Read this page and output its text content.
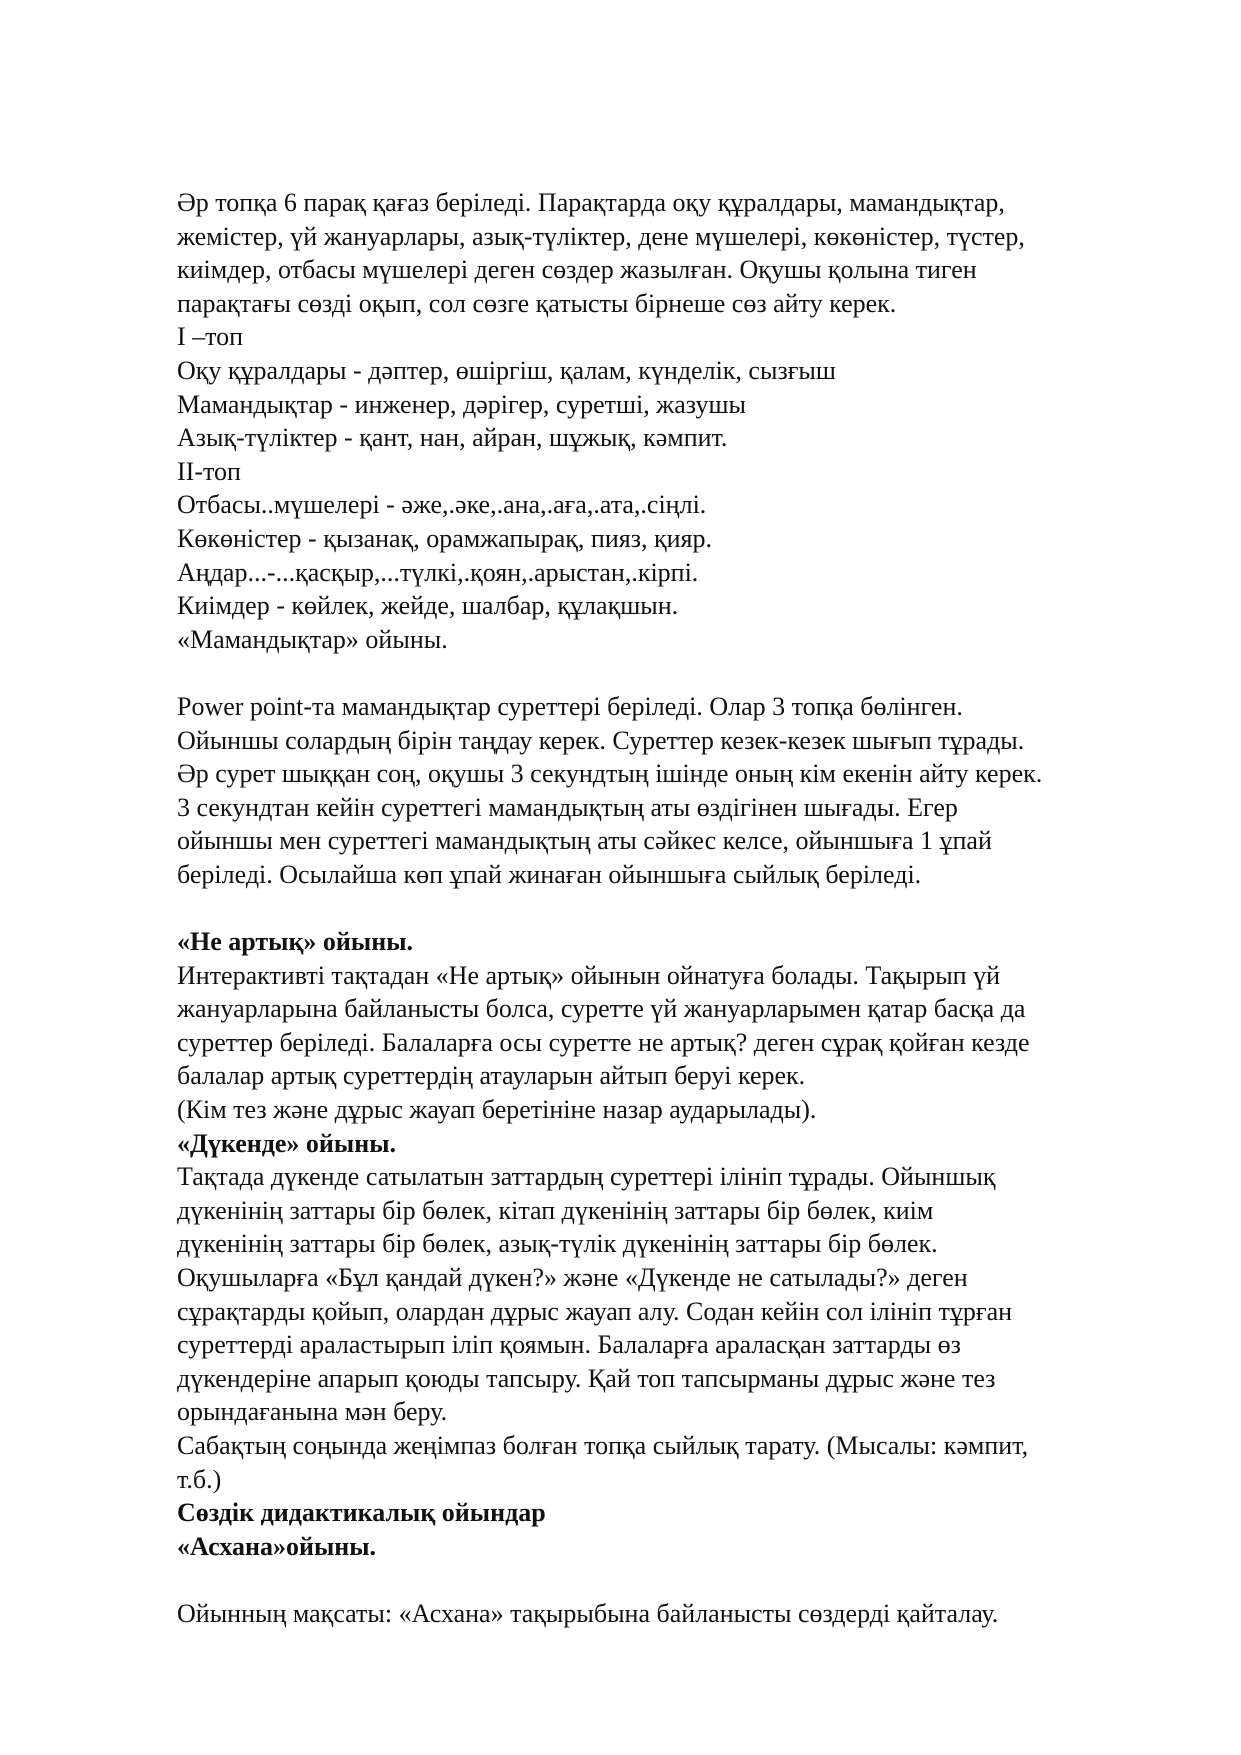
Әр топқа 6 парақ қағаз беріледі. Парақтарда оқу құралдары, мамандықтар,
жемістер, үй жануарлары, азық-түліктер, дене мүшелері, көкөністер, түстер,
киімдер, отбасы мүшелері деген сөздер жазылған. Оқушы қолына тиген
парақтағы сөзді оқып, сол сөзге қатысты бірнеше сөз айту керек.
I –топ
Оқу құралдары - дәптер, өшіргіш, қалам, күнделік, сызғыш
Мамандықтар - инженер, дәрігер, суретші, жазушы
Азық-түліктер - қант, нан, айран, шұжық, кәмпит.
II-топ
Отбасы..мүшелері - әже,.әке,.ана,.аға,.ата,.сіңлі.
Көкөністер - қызанақ, орамжапырақ, пияз, қияр.
Аңдар...-...қасқыр,...түлкі,.қоян,.арыстан,.кірпі.
Киімдер - көйлек, жейде, шалбар, құлақшын.
«Мамандықтар» ойыны.
Power point-та мамандықтар суреттері беріледі. Олар 3 топқа бөлінген.
Ойыншы солардың бірін таңдау керек. Суреттер кезек-кезек шығып тұрады.
Әр сурет шыққан соң, оқушы 3 секундтың ішінде оның кім екенін айту керек.
3 секундтан кейін суреттегі мамандықтың аты өздігінен шығады. Егер
ойыншы мен суреттегі мамандықтың аты сәйкес келсе, ойыншыға 1 ұпай
беріледі. Осылайша көп ұпай жинаған ойыншыға сыйлық беріледі.
«Не артық» ойыны.
Интерактивті тақтадан «Не артық» ойынын ойнатуға болады. Тақырып үй
жануарларына байланысты болса, суретте үй жануарларымен қатар басқа да
суреттер беріледі. Балаларға осы суретте не артық? деген сұрақ қойған кезде
балалар артық суреттердің атауларын айтып беруі керек.
(Кім тез және дұрыс жауап беретініне назар аударылады).
«Дүкенде» ойыны.
Тақтада дүкенде сатылатын заттардың суреттері ілініп тұрады. Ойыншық
дүкенінің заттары бір бөлек, кітап дүкенінің заттары бір бөлек, киім
дүкенінің заттары бір бөлек, азық-түлік дүкенінің заттары бір бөлек.
Оқушыларға «Бұл қандай дүкен?» және «Дүкенде не сатылады?» деген
сұрақтарды қойып, олардан дұрыс жауап алу. Содан кейін сол ілініп тұрған
суреттерді араластырып іліп қоямын. Балаларға араласқан заттарды өз
дүкендеріне апарып қоюды тапсыру. Қай топ тапсырманы дұрыс және тез
орындағанына мән беру.
Сабақтың соңында жеңімпаз болған топқа сыйлық тарату. (Мысалы: кәмпит,
т.б.)
Сөздік дидактикалық ойындар
«Асхана»ойыны.
Ойынның мақсаты: «Асхана» тақырыбына байланысты сөздерді қайталау.
